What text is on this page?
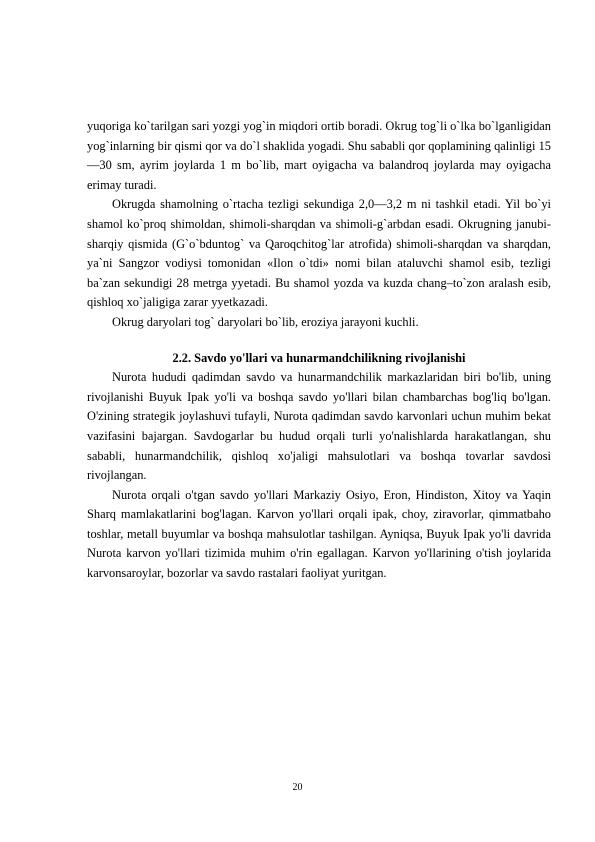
yuqoriga ko`tarilgan sari yozgi yog`in miqdori ortib boradi. Okrug tog`li o`lka bo`lganligidan yog`inlarning bir qismi qor va do`l shaklida yogadi. Shu sababli qor qoplamining qalinligi 15—30 sm, ayrim joylarda 1 m bo`lib, mart oyigacha va balandroq joylarda may oyigacha erimay turadi.

Okrugda shamolning o`rtacha tezligi sekundiga 2,0—3,2 m ni tashkil etadi. Yil bo`yi shamol ko`proq shimoldan, shimoli-sharqdan va shimoli-g`arbdan esadi. Okrugning janubi-sharqiy qismida (G`o`bduntog` va Qaroqchitog`lar atrofida) shimoli-sharqdan va sharqdan, ya`ni Sangzor vodiysi tomonidan «Ilon o`tdi» nomi bilan ataluvchi shamol esib, tezligi ba`zan sekundigi 28 metrga yyetadi. Bu shamol yozda va kuzda chang–to`zon aralash esib, qishloq xo`jaligiga zarar yyetkazadi.

Okrug daryolari tog` daryolari bo`lib, eroziya jarayoni kuchli.

2.2. Savdo yo'llari va hunarmandchilikning rivojlanishi

Nurota hududi qadimdan savdo va hunarmandchilik markazlaridan biri bo'lib, uning rivojlanishi Buyuk Ipak yo'li va boshqa savdo yo'llari bilan chambarchas bog'liq bo'lgan. O'zining strategik joylashuvi tufayli, Nurota qadimdan savdo karvonlari uchun muhim bekat vazifasini bajargan. Savdogarlar bu hudud orqali turli yo'nalishlarda harakatlangan, shu sababli, hunarmandchilik, qishloq xo'jaligi mahsulotlari va boshqa tovarlar savdosi rivojlangan.

Nurota orqali o'tgan savdo yo'llari Markaziy Osiyo, Eron, Hindiston, Xitoy va Yaqin Sharq mamlakatlarini bog'lagan. Karvon yo'llari orqali ipak, choy, ziravorlar, qimmatbaho toshlar, metall buyumlar va boshqa mahsulotlar tashilgan. Ayniqsa, Buyuk Ipak yo'li davrida Nurota karvon yo'llari tizimida muhim o'rin egallagan. Karvon yo'llarining o'tish joylarida karvonsaroylar, bozorlar va savdo rastalari faoliyat yuritgan.

20
